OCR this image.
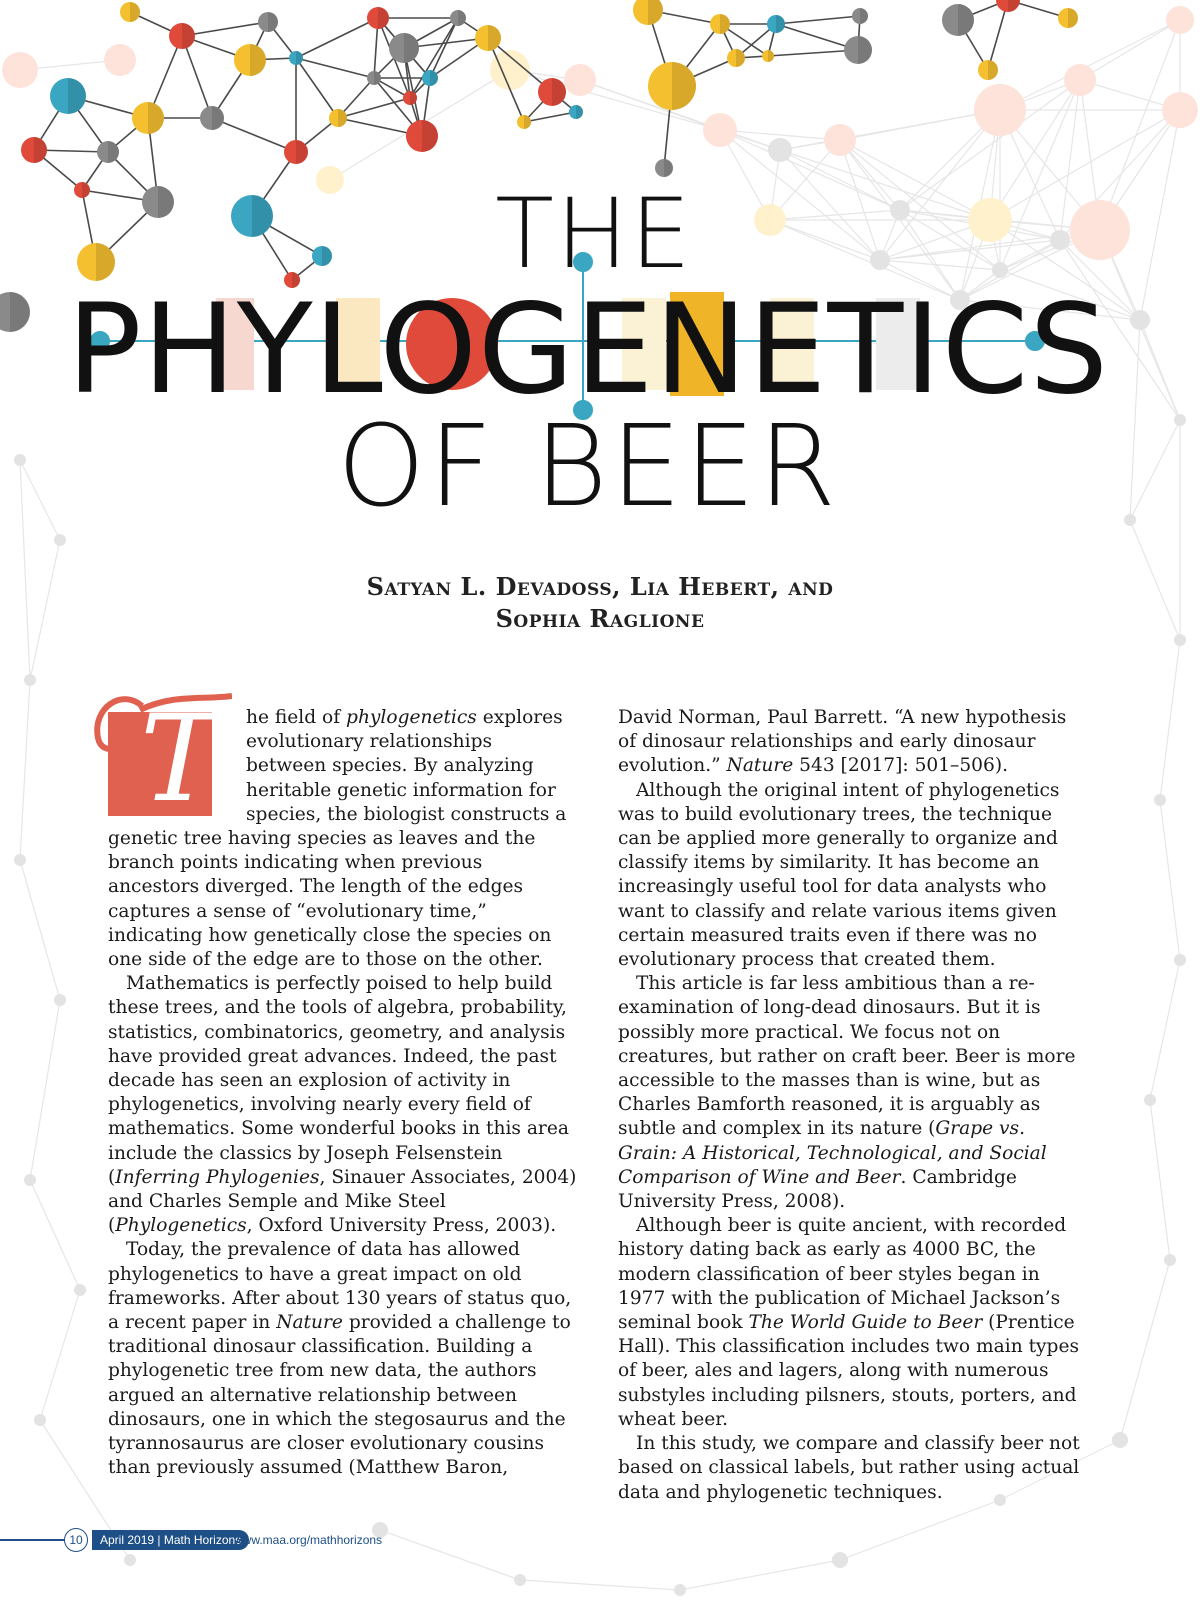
THE
PHYLOGENETICS
OF BEER
Satyan L. Devadoss, Lia Hebert, and
Sophia Raglione
T	he field of phylogenetics explores evolutionary relationships between species. By analyzing heritable genetic information for species, the biologist constructs a genetic tree having species as leaves and the branch points indicating when previous ancestors diverged. The length of the edges captures a sense of “evolutionary time,” indicating how genetically close the species on one side of the edge are to those on the other.

Mathematics is perfectly poised to help build these trees, and the tools of algebra, probability, statistics, combinatorics, geometry, and analysis have provided great advances. Indeed, the past decade has seen an explosion of activity in phylogenetics, involving nearly every field of mathematics. Some wonderful books in this area include the classics by Joseph Felsenstein (Inferring Phylogenies, Sinauer Associates, 2004) and Charles Semple and Mike Steel (Phylogenetics, Oxford University Press, 2003).

Today, the prevalence of data has allowed phylogenetics to have a great impact on old frameworks. After about 130 years of status quo, a recent paper in Nature provided a challenge to traditional dinosaur classification. Building a phylogenetic tree from new data, the authors argued an alternative relationship between dinosaurs, one in which the stegosaurus and the tyrannosaurus are closer evolutionary cousins than previously assumed (Matthew Baron,

David Norman, Paul Barrett. “A new hypothesis of dinosaur relationships and early dinosaur evolution.” Nature 543 [2017]: 501–506).

Although the original intent of phylogenetics was to build evolutionary trees, the technique can be applied more generally to organize and classify items by similarity. It has become an increasingly useful tool for data analysts who want to classify and relate various items given certain measured traits even if there was no evolutionary process that created them.

This article is far less ambitious than a re-examination of long-dead dinosaurs. But it is possibly more practical. We focus not on creatures, but rather on craft beer. Beer is more accessible to the masses than is wine, but as Charles Bamforth reasoned, it is arguably as subtle and complex in its nature (Grape vs. Grain: A Historical, Technological, and Social Comparison of Wine and Beer. Cambridge University Press, 2008).

Although beer is quite ancient, with recorded history dating back as early as 4000 BC, the modern classification of beer styles began in 1977 with the publication of Michael Jackson’s seminal book The World Guide to Beer (Prentice Hall). This classification includes two main types of beer, ales and lagers, along with numerous substyles including pilsners, stouts, porters, and wheat beer.

In this study, we compare and classify beer not based on classical labels, but rather using actual data and phylogenetic techniques.

10	April 2019 | Math Horizons
www.maa.org/mathhorizons
